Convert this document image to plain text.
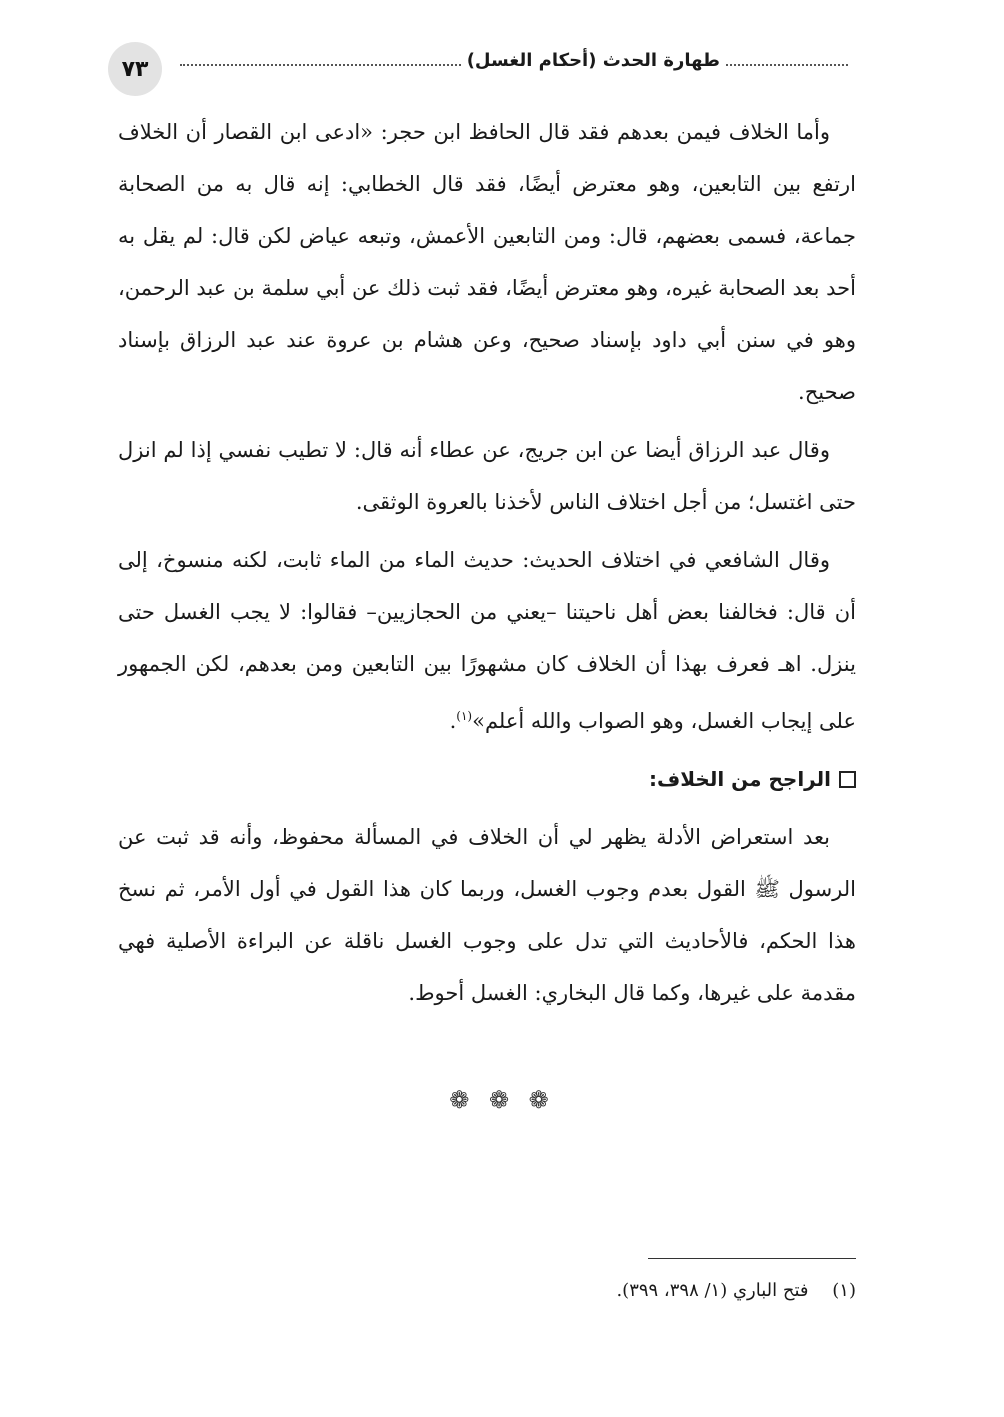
٧٣	طهارة الحدث (أحكام الغسل)

وأما الخلاف فيمن بعدهم فقد قال الحافظ ابن حجر: «ادعى ابن القصار أن الخلاف ارتفع بين التابعين، وهو معترض أيضًا، فقد قال الخطابي: إنه قال به من الصحابة جماعة، فسمى بعضهم، قال: ومن التابعين الأعمش، وتبعه عياض لكن قال: لم يقل به أحد بعد الصحابة غيره، وهو معترض أيضًا، فقد ثبت ذلك عن أبي سلمة بن عبد الرحمن، وهو في سنن أبي داود بإسناد صحيح، وعن هشام بن عروة عند عبد الرزاق بإسناد صحيح.

وقال عبد الرزاق أيضا عن ابن جريج، عن عطاء أنه قال: لا تطيب نفسي إذا لم انزل حتى اغتسل؛ من أجل اختلاف الناس لأخذنا بالعروة الوثقى.

وقال الشافعي في اختلاف الحديث: حديث الماء من الماء ثابت، لكنه منسوخ، إلى أن قال: فخالفنا بعض أهل ناحيتنا –يعني من الحجازيين– فقالوا: لا يجب الغسل حتى ينزل. اهـ فعرف بهذا أن الخلاف كان مشهورًا بين التابعين ومن بعدهم، لكن الجمهور على إيجاب الغسل، وهو الصواب والله أعلم»$^{(١)}$.

الراجح من الخلاف:

بعد استعراض الأدلة يظهر لي أن الخلاف في المسألة محفوظ، وأنه قد ثبت عن الرسول ﷺ القول بعدم وجوب الغسل، وربما كان هذا القول في أول الأمر، ثم نسخ هذا الحكم، فالأحاديث التي تدل على وجوب الغسل ناقلة عن البراءة الأصلية فهي مقدمة على غيرها، وكما قال البخاري: الغسل أحوط.

❁ ❁ ❁
(١) فتح الباري (١/ ٣٩٨، ٣٩٩).
